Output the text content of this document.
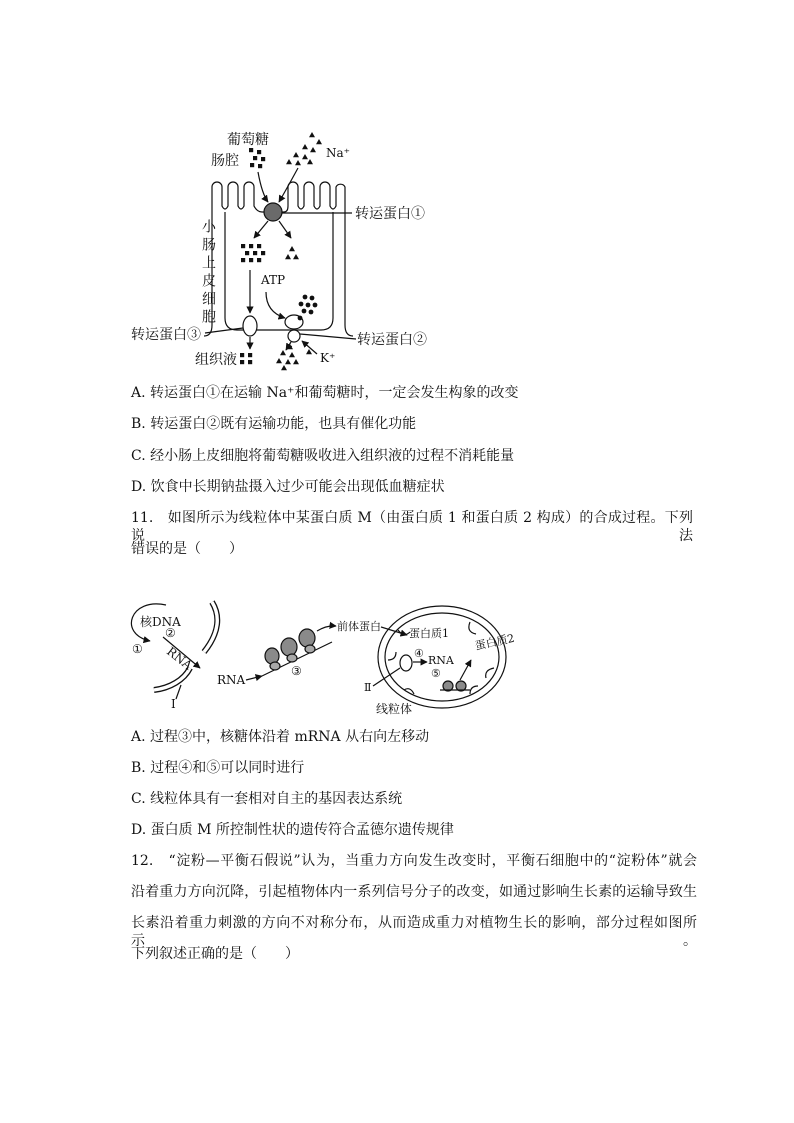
葡萄糖
肠腔	Na⁺
转运蛋白①
小肠上皮细胞	ATP
转运蛋白③	转运蛋白②
组织液	K⁺
A. 转运蛋白①在运输 Na⁺和葡萄糖时，一定会发生构象的改变
B. 转运蛋白②既有运输功能，也具有催化功能
C. 经小肠上皮细胞将葡萄糖吸收进入组织液的过程不消耗能量
D. 饮食中长期钠盐摄入过少可能会出现低血糖症状
11.　如图所示为线粒体中某蛋白质 M（由蛋白质 1 和蛋白质 2 构成）的合成过程。下列说法
错误的是（　　）
核DNA
②
① RNA
RNA
Ⅰ
③
前体蛋白
蛋白质1
④
RNA
蛋白质2
⑤
Ⅱ
线粒体
A. 过程③中，核糖体沿着 mRNA 从右向左移动
B. 过程④和⑤可以同时进行
C. 线粒体具有一套相对自主的基因表达系统
D. 蛋白质 M 所控制性状的遗传符合孟德尔遗传规律
12.　“淀粉—平衡石假说”认为，当重力方向发生改变时，平衡石细胞中的“淀粉体”就会
沿着重力方向沉降，引起植物体内一系列信号分子的改变，如通过影响生长素的运输导致生
长素沿着重力刺激的方向不对称分布，从而造成重力对植物生长的影响，部分过程如图所示。
下列叙述正确的是（　　）
